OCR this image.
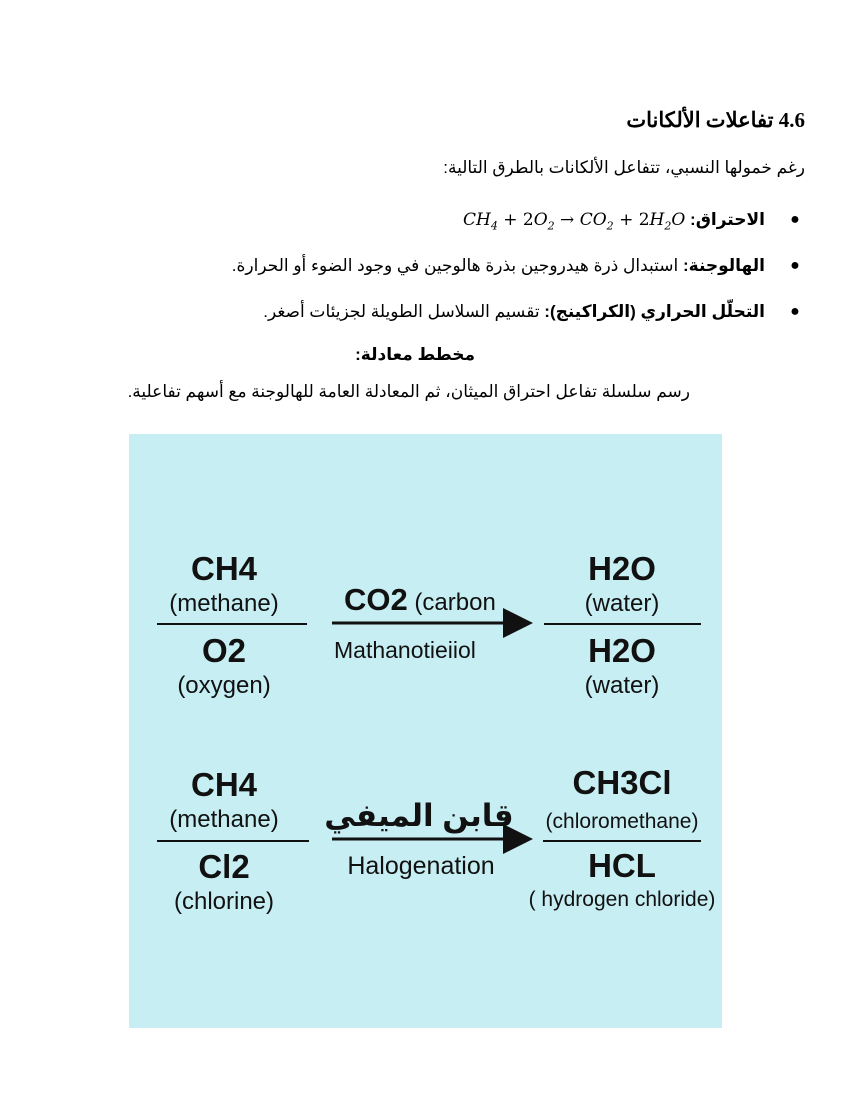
4.6 تفاعلات الألكانات
رغم خمولها النسبي، تتفاعل الألكانات بالطرق التالية:
●
الاحتراق: $CH_4 + 2O_2 \to CO_2 + 2H_2O$
●
الهالوجنة: استبدال ذرة هيدروجين بذرة هالوجين في وجود الضوء أو الحرارة.
●
التحلّل الحراري (الكراكينج): تقسيم السلاسل الطويلة لجزيئات أصغر.
مخطط معادلة:
رسم سلسلة تفاعل احتراق الميثان، ثم المعادلة العامة للهالوجنة مع أسهم تفاعلية.
CH4
(methane)
O2
(oxygen)
CO2 (carbon
Mathanotieiiol
H2O
(water)
H2O
(water)
CH4
(methane)
Cl2
(chlorine)
قابن الميفي
Halogenation
CH3Cl
(chloromethane)
HCL
( hydrogen chloride)
